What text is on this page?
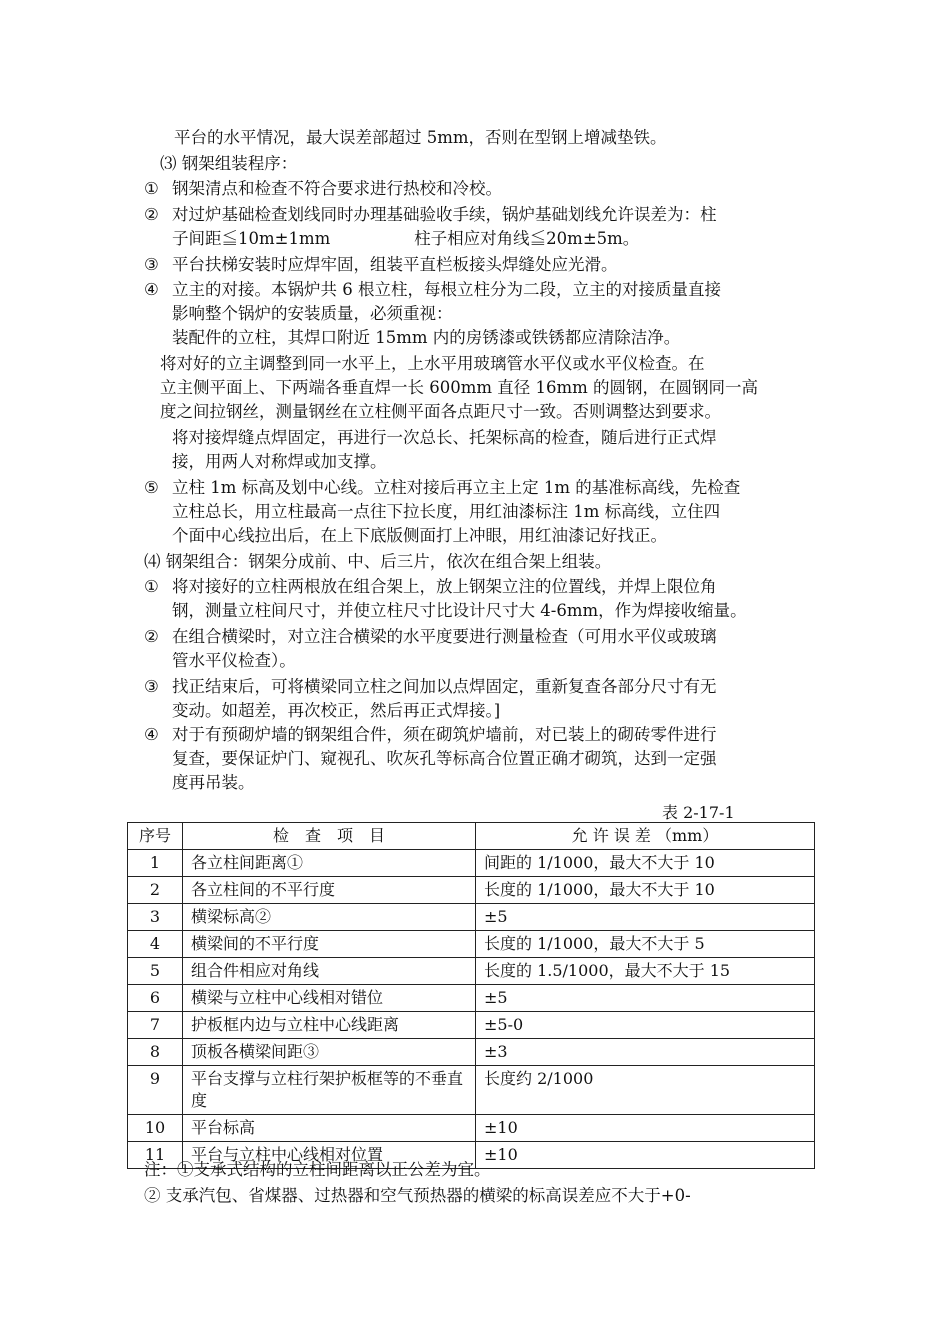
平台的水平情况，最大误差部超过 5mm，否则在型钢上增减垫铁。
⑶ 钢架组装程序：
① 钢架清点和检查不符合要求进行热校和冷校。
② 对过炉基础检查划线同时办理基础验收手续，锅炉基础划线允许误差为：柱
子间距≦10m±1mm                柱子相应对角线≦20m±5m。
③ 平台扶梯安装时应焊牢固，组装平直栏板接头焊缝处应光滑。
④ 立主的对接。本锅炉共 6 根立柱，每根立柱分为二段，立主的对接质量直接
影响整个锅炉的安装质量，必须重视：
装配件的立柱，其焊口附近 15mm 内的房锈漆或铁锈都应清除洁净。
将对好的立主调整到同一水平上，上水平用玻璃管水平仪或水平仪检查。在
立主侧平面上、下两端各垂直焊一长 600mm 直径 16mm 的圆钢，在圆钢同一高
度之间拉钢丝，测量钢丝在立柱侧平面各点距尺寸一致。否则调整达到要求。
将对接焊缝点焊固定，再进行一次总长、托架标高的检查，随后进行正式焊
接，用两人对称焊或加支撑。
⑤ 立柱 1m 标高及划中心线。立柱对接后再立主上定 1m 的基准标高线，先检查
立柱总长，用立柱最高一点往下拉长度，用红油漆标注 1m 标高线，立住四
个面中心线拉出后，在上下底版侧面打上冲眼，用红油漆记好找正。
⑷ 钢架组合：钢架分成前、中、后三片，依次在组合架上组装。
① 将对接好的立柱两根放在组合架上，放上钢架立注的位置线，并焊上限位角
钢，测量立柱间尺寸，并使立柱尺寸比设计尺寸大 4-6mm，作为焊接收缩量。
② 在组合横梁时，对立注合横梁的水平度要进行测量检查（可用水平仪或玻璃
管水平仪检查）。
③ 找正结束后，可将横梁同立柱之间加以点焊固定，重新复查各部分尺寸有无
变动。如超差，再次校正，然后再正式焊接。]
④ 对于有预砌炉墙的钢架组合件，须在砌筑炉墙前，对已装上的砌砖零件进行
复查，要保证炉门、窥视孔、吹灰孔等标高合位置正确才砌筑，达到一定强
度再吊装。
表 2-17-1
序号	检　查　项　目	允 许 误 差 （mm）
1	各立柱间距离①	间距的 1/1000，最大不大于 10
2	各立柱间的不平行度	长度的 1/1000，最大不大于 10
3	横梁标高②	±5
4	横梁间的不平行度	长度的 1/1000，最大不大于 5
5	组合件相应对角线	长度的 1.5/1000，最大不大于 15
6	横梁与立柱中心线相对错位	±5
7	护板框内边与立柱中心线距离	±5-0
8	顶板各横梁间距③	±3
9	平台支撑与立柱行架护板框等的不垂直度	长度约 2/1000
10	平台标高	±10
11	平台与立柱中心线相对位置	±10
注：①支承式结构的立柱间距离以正公差为宜。
② 支承汽包、省煤器、过热器和空气预热器的横梁的标高误差应不大于+0-
